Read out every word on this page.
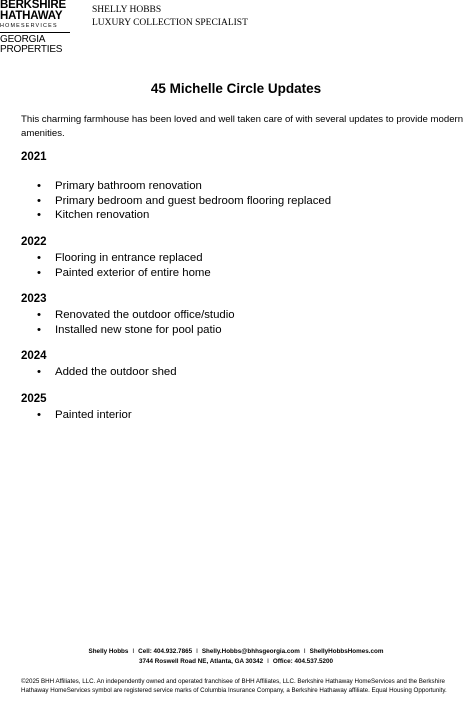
BERKSHIRE
HATHAWAY
HOMESERVICES
GEORGIA
PROPERTIES
SHELLY HOBBS
LUXURY COLLECTION SPECIALIST
45 Michelle Circle Updates
This charming farmhouse has been loved and well taken care of with several updates to provide modern amenities.
2021
• Primary bathroom renovation
• Primary bedroom and guest bedroom flooring replaced
• Kitchen renovation
2022
• Flooring in entrance replaced
• Painted exterior of entire home
2023
• Renovated the outdoor office/studio
• Installed new stone for pool patio
2024
• Added the outdoor shed
2025
• Painted interior
Shelly Hobbs I Cell: 404.932.7865 I Shelly.Hobbs@bhhsgeorgia.com I ShellyHobbsHomes.com
3744 Roswell Road NE, Atlanta, GA 30342 I Office: 404.537.5200
©2025 BHH Affiliates, LLC. An independently owned and operated franchisee of BHH Affiliates, LLC. Berkshire Hathaway HomeServices and the Berkshire Hathaway HomeServices symbol are registered service marks of Columbia Insurance Company, a Berkshire Hathaway affiliate. Equal Housing Opportunity.
